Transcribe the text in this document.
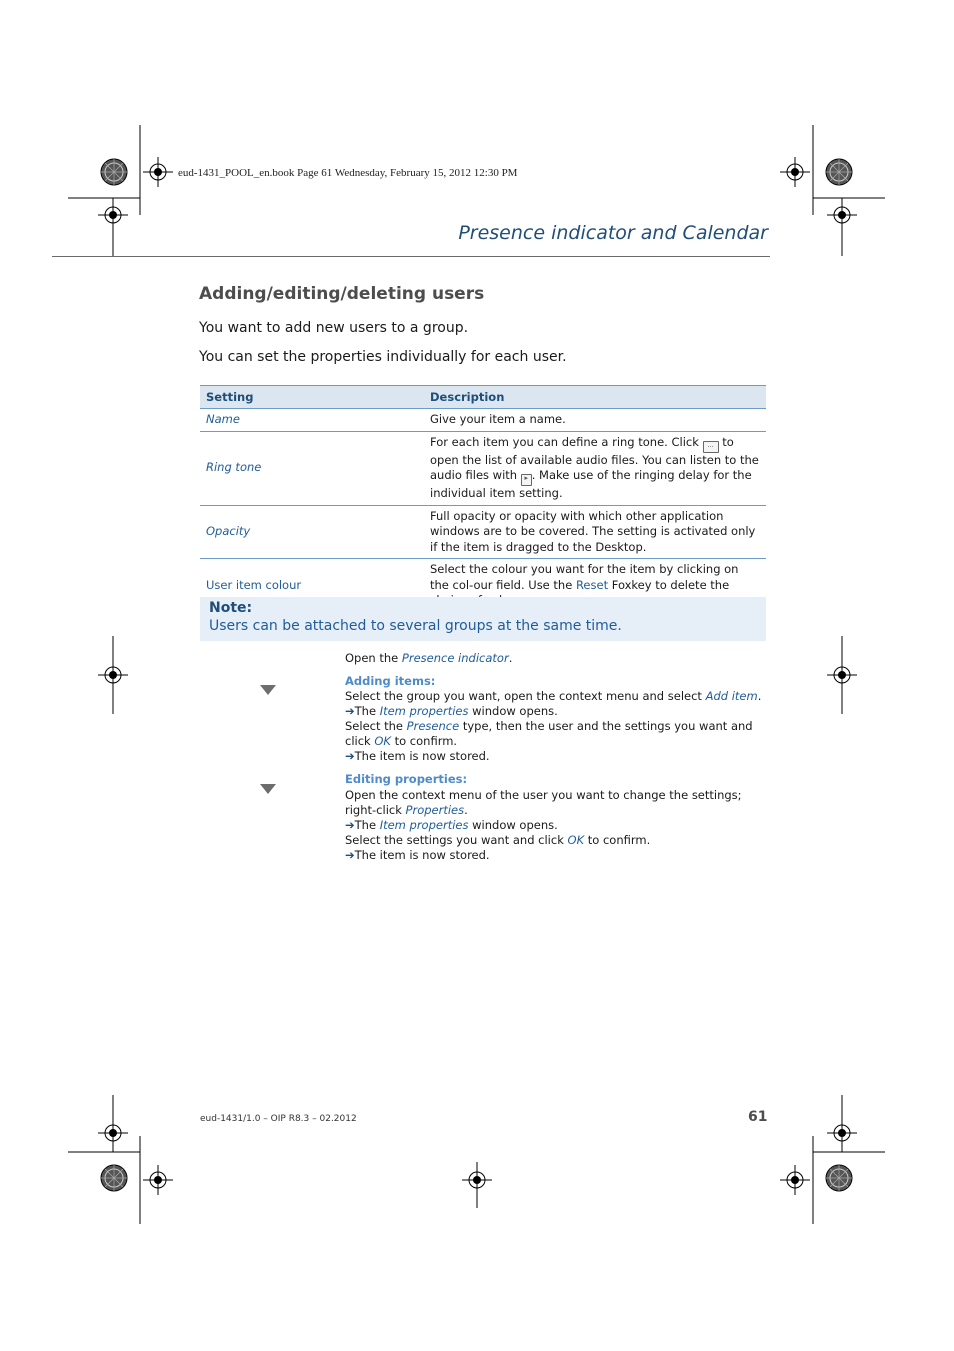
eud-1431_POOL_en.book Page 61 Wednesday, February 15, 2012 12:30 PM
Presence indicator and Calendar
Adding/editing/deleting users
You want to add new users to a group.
You can set the properties individually for each user.
Setting	Description
Name	Give your item a name.
Ring tone	For each item you can define a ring tone. Click ... to open the list of available audio files. You can listen to the audio files with ▸ . Make use of the ringing delay for the individual item setting.
Opacity	Full opacity or opacity with which other application windows are to be covered. The setting is activated only if the item is dragged to the Desktop.
User item colour	Select the colour you want for the item by clicking on the col-our field. Use the Reset Foxkey to delete the
Note:
Users can be attached to several groups at the same time.
Open the Presence indicator.
Adding items:
Select the group you want, open the context menu and select Add item.
➔The Item properties window opens.
Select the Presence type, then the user and the settings you want and click OK to confirm.
➔The item is now stored.
Editing properties:
Open the context menu of the user you want to change the settings; right-click Properties.
➔The Item properties window opens.
Select the settings you want and click OK to confirm.
➔The item is now stored.
eud-1431/1.0 – OIP R8.3 – 02.2012	61
